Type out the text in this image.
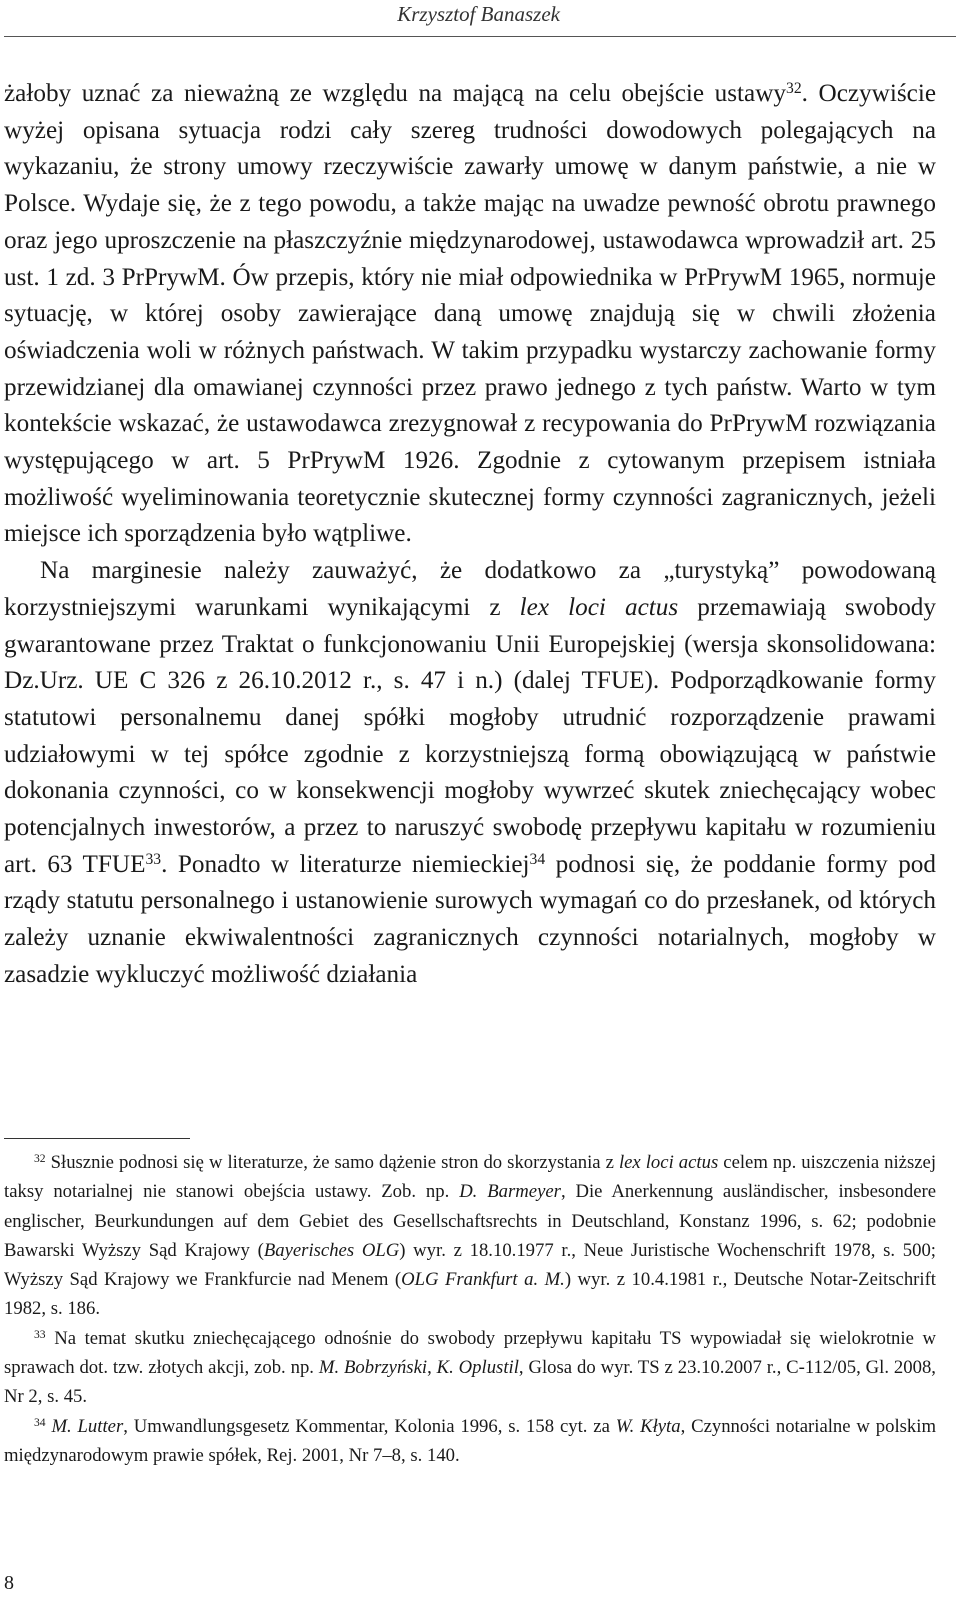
Krzysztof Banaszek

żałoby uznać za nieważną ze względu na mającą na celu obejście ustawy$^{32}$. Oczywiście wyżej opisana sytuacja rodzi cały szereg trudności dowodowych polegających na wykazaniu, że strony umowy rzeczywiście zawarły umowę w danym państwie, a nie w Polsce. Wydaje się, że z tego powodu, a także mając na uwadze pewność obrotu prawnego oraz jego uproszczenie na płaszczyźnie międzynarodowej, ustawodawca wprowadził art. 25 ust. 1 zd. 3 PrPrywM. Ów przepis, który nie miał odpowiednika w PrPrywM 1965, normuje sytuację, w której osoby zawierające daną umowę znajdują się w chwili złożenia oświadczenia woli w różnych państwach. W takim przypadku wystarczy zachowanie formy przewidzianej dla omawianej czynności przez prawo jednego z tych państw. Warto w tym kontekście wskazać, że ustawodawca zrezygnował z recypowania do PrPrywM rozwiązania występującego w art. 5 PrPrywM 1926. Zgodnie z cytowanym przepisem istniała możliwość wyeliminowania teoretycznie skutecznej formy czynności zagranicznych, jeżeli miejsce ich sporządzenia było wątpliwe.

Na marginesie należy zauważyć, że dodatkowo za „turystyką” powodowaną korzystniejszymi warunkami wynikającymi z lex loci actus przemawiają swobody gwarantowane przez Traktat o funkcjonowaniu Unii Europejskiej (wersja skonsolidowana: Dz.Urz. UE C 326 z 26.10.2012 r., s. 47 i n.) (dalej TFUE). Podporządkowanie formy statutowi personalnemu danej spółki mogłoby utrudnić rozporządzenie prawami udziałowymi w tej spółce zgodnie z korzystniejszą formą obowiązującą w państwie dokonania czynności, co w konsekwencji mogłoby wywrzeć skutek zniechęcający wobec potencjalnych inwestorów, a przez to naruszyć swobodę przepływu kapitału w rozumieniu art. 63 TFUE$^{33}$. Ponadto w literaturze niemieckiej$^{34}$ podnosi się, że poddanie formy pod rządy statutu personalnego i ustanowienie surowych wymagań co do przesłanek, od których zależy uznanie ekwiwalentności zagranicznych czynności notarialnych, mogłoby w zasadzie wykluczyć możliwość działania

$^{32}$ Słusznie podnosi się w literaturze, że samo dążenie stron do skorzystania z lex loci actus celem np. uiszczenia niższej taksy notarialnej nie stanowi obejścia ustawy. Zob. np. D. Barmeyer, Die Anerkennung ausländischer, insbesondere englischer, Beurkundungen auf dem Gebiet des Gesellschaftsrechts in Deutschland, Konstanz 1996, s. 62; podobnie Bawarski Wyższy Sąd Krajowy (Bayerisches OLG) wyr. z 18.10.1977 r., Neue Juristische Wochenschrift 1978, s. 500; Wyższy Sąd Krajowy we Frankfurcie nad Menem (OLG Frankfurt a. M.) wyr. z 10.4.1981 r., Deutsche Notar-Zeitschrift 1982, s. 186.

$^{33}$ Na temat skutku zniechęcającego odnośnie do swobody przepływu kapitału TS wypowiadał się wielokrotnie w sprawach dot. tzw. złotych akcji, zob. np. M. Bobrzyński, K. Oplustil, Glosa do wyr. TS z 23.10.2007 r., C-112/05, Gl. 2008, Nr 2, s. 45.

$^{34}$ M. Lutter, Umwandlungsgesetz Kommentar, Kolonia 1996, s. 158 cyt. za W. Kłyta, Czynności notarialne w polskim międzynarodowym prawie spółek, Rej. 2001, Nr 7–8, s. 140.

8
